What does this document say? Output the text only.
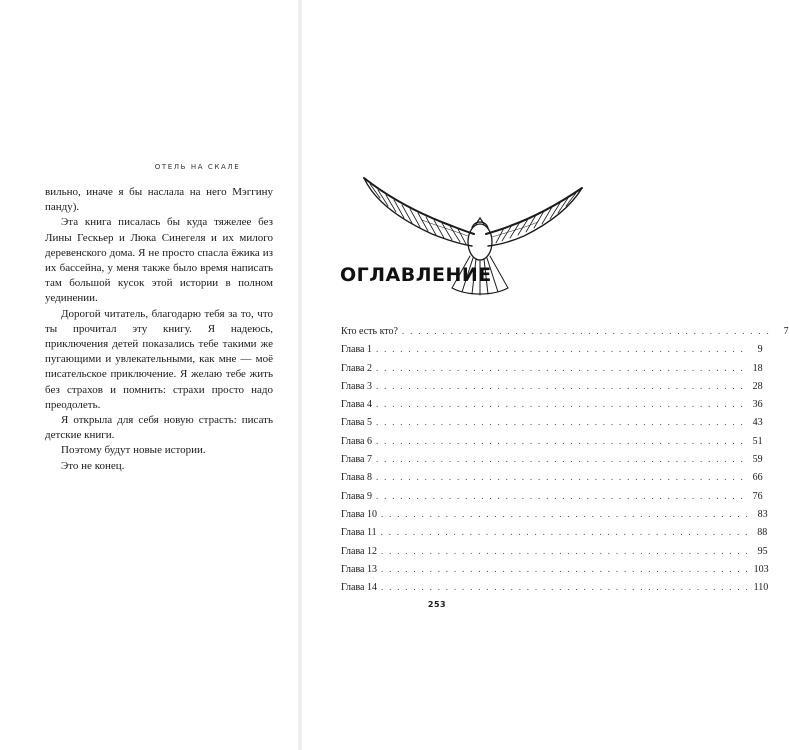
ОТЕЛЬ НА СКАЛЕ

вильно, иначе я бы наслала на него Мэггину панду).

Эта книга писалась бы куда тяжелее без Лины Гескьер и Люка Синегеля и их милого деревенского дома. Я не просто спасла ёжика из их бассейна, у меня также было время написать там большой кусок этой истории в полном уединении.

Дорогой читатель, благодарю тебя за то, что ты прочитал эту книгу. Я надеюсь, приключения детей показались тебе такими же пугающими и увлекательными, как мне — моё писательское приключение. Я желаю тебе жить без страхов и помнить: страхи просто надо преодолеть.

Я открыла для себя новую страсть: писать детские книги.

Поэтому будут новые истории.

Это не конец.

ОГЛАВЛЕНИЕ
Кто есть кто? . . . . . . . . . . . . . . . . . . . . . . . . . . . . . . . . . . . . . . . . . . . . . .	7
Глава 1 . . . . . . . . . . . . . . . . . . . . . . . . . . . . . . . . . . . . . . . . . . . . . .	9
Глава 2 . . . . . . . . . . . . . . . . . . . . . . . . . . . . . . . . . . . . . . . . . . . . . . 18
Глава 3 . . . . . . . . . . . . . . . . . . . . . . . . . . . . . . . . . . . . . . . . . . . . . . 28
Глава 4 . . . . . . . . . . . . . . . . . . . . . . . . . . . . . . . . . . . . . . . . . . . . . . 36
Глава 5 . . . . . . . . . . . . . . . . . . . . . . . . . . . . . . . . . . . . . . . . . . . . . . 43
Глава 6 . . . . . . . . . . . . . . . . . . . . . . . . . . . . . . . . . . . . . . . . . . . . . . 51
Глава 7 . . . . . . . . . . . . . . . . . . . . . . . . . . . . . . . . . . . . . . . . . . . . . . 59
Глава 8 . . . . . . . . . . . . . . . . . . . . . . . . . . . . . . . . . . . . . . . . . . . . . . 66
Глава 9 . . . . . . . . . . . . . . . . . . . . . . . . . . . . . . . . . . . . . . . . . . . . . . 76
Глава 10 . . . . . . . . . . . . . . . . . . . . . . . . . . . . . . . . . . . . . . . . . . . . . . 83
Глава 11 . . . . . . . . . . . . . . . . . . . . . . . . . . . . . . . . . . . . . . . . . . . . . . 88
Глава 12 . . . . . . . . . . . . . . . . . . . . . . . . . . . . . . . . . . . . . . . . . . . . . . 95
Глава 13 . . . . . . . . . . . . . . . . . . . . . . . . . . . . . . . . . . . . . . . . . . . . . . 103
Глава 14 . . . . . . . . . . . . . . . . . . . . . . . . . . . . . . . . . . . . . . . . . . . . . . 110
253
